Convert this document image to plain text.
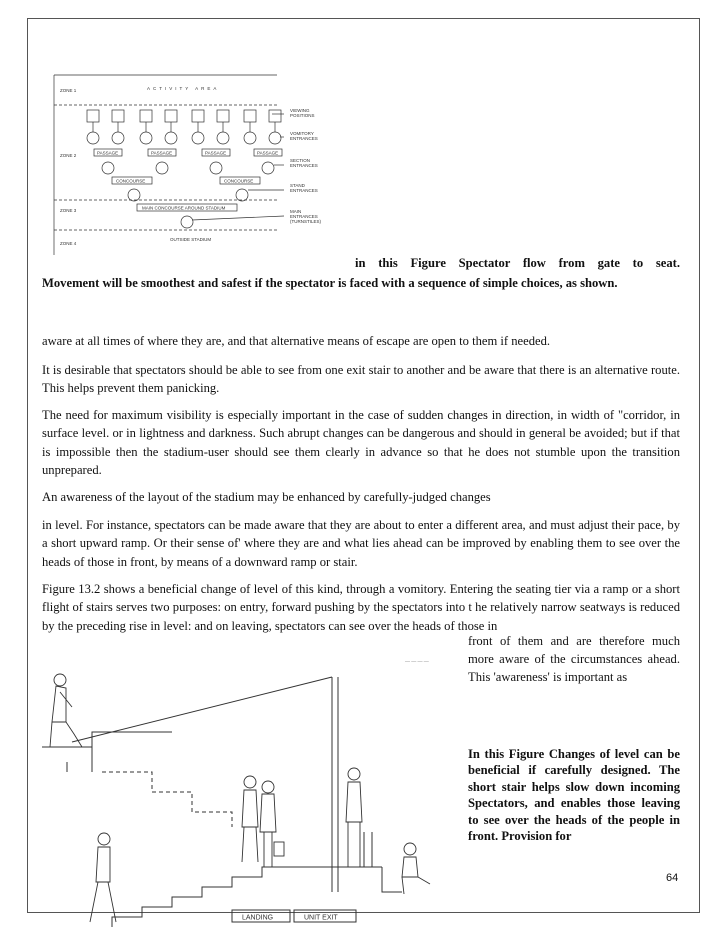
ZONE 1
ZONE 2
ZONE 3
ZONE 4
ACTIVITY AREA
PASSAGE	PASSAGE	PASSAGE	PASSAGE
CONCOURSE	CONCOURSE
MAIN CONCOURSE AROUND STADIUM
OUTSIDE STADIUM
VIEWING
POSITIONS
VOMITORY
ENTRANCES
SECTION
ENTRANCES
STAND
ENTRANCES
MAIN
ENTRANCES
(TURNSTILES)
in this Figure Spectator flow from gate to seat.
Movement will be smoothest and safest if the spectator is faced with a sequence of simple choices, as shown.
aware at all times of where they are, and that alternative means of escape are open to them if needed.
It is desirable that spectators should be able to see from one exit stair to another and be aware that there is an alternative route. This helps prevent them panicking.
The need for maximum visibility is especially important in the case of sudden changes in direction, in width of "corridor, in surface level. or in lightness and darkness. Such abrupt changes can be dangerous and should in general be avoided; but if that is impossible then the stadium-user should see them clearly in advance so that he does not stumble upon the transition unprepared.
An awareness of the layout of the stadium may be enhanced by carefully-judged changes
in level. For instance, spectators can be made aware that they are about to enter a different area, and must adjust their pace, by a short upward ramp. Or their sense of' where they are and what lies ahead can be improved by enabling them to see over the heads of those in front, by means of a downward ramp or stair.
Figure 13.2 shows a beneficial change of level of this kind, through a vomitory. Entering the seating tier via a ramp or a short flight of stairs serves two purposes: on entry, forward pushing by the spectators into t he relatively narrow seatways is reduced by the preceding rise in level: and on leaving, spectators can see over the heads of those in
front of them and are therefore much more aware of the circumstances ahead. This 'awareness' is important as
— — — —
LANDING	UNIT EXIT
In this Figure Changes of level can be beneficial if carefully designed. The short stair helps slow down incoming Spectators, and enables those leaving to see over the heads of the people in front. Provision for
64
